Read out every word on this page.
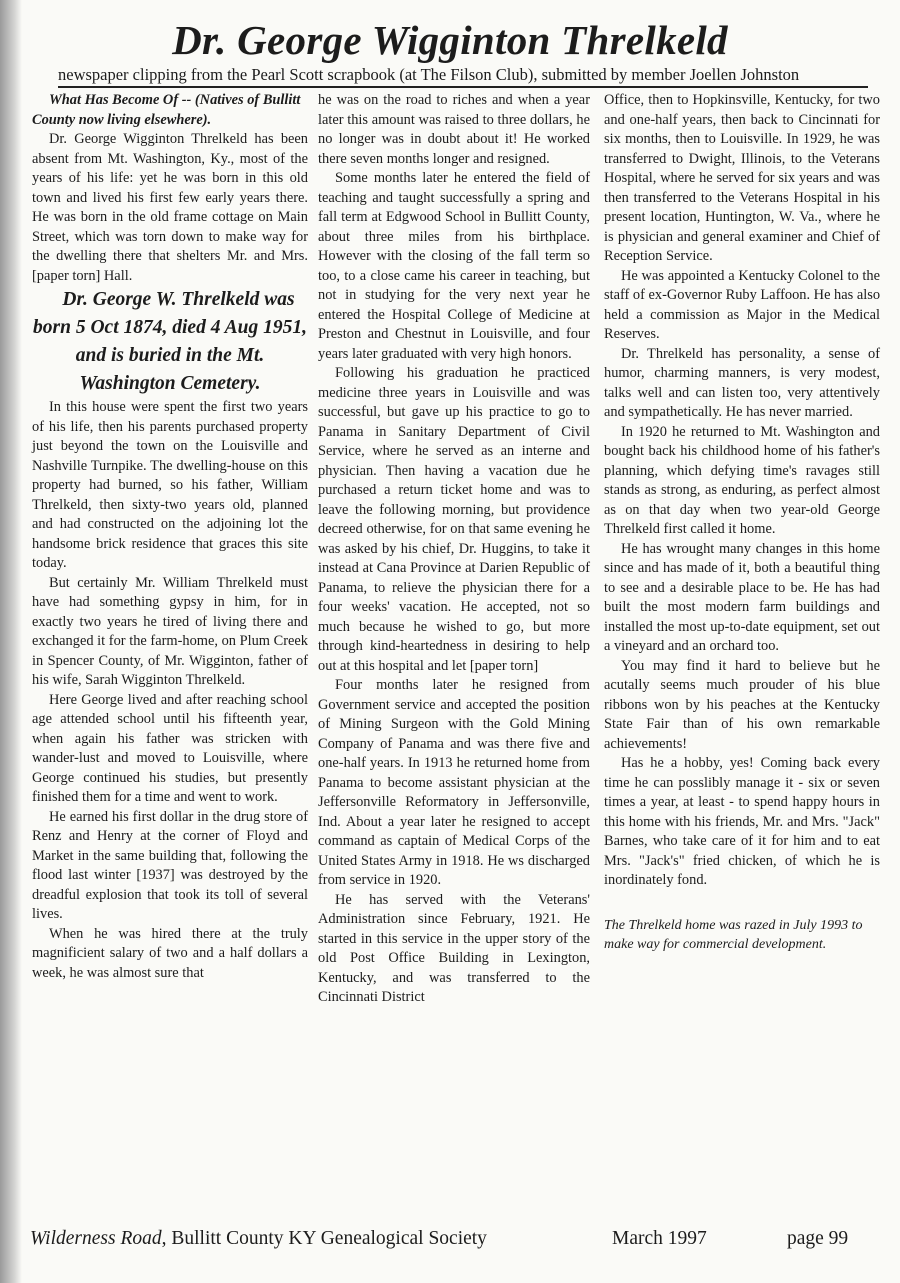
Dr. George Wigginton Threlkeld
newspaper clipping from the Pearl Scott scrapbook (at The Filson Club), submitted by member Joellen Johnston

What Has Become Of -- (Natives of Bullitt County now living elsewhere).

Dr. George Wigginton Threlkeld has been absent from Mt. Washington, Ky., most of the years of his life: yet he was born in this old town and lived his first few early years there. He was born in the old frame cottage on Main Street, which was torn down to make way for the dwelling there that shelters Mr. and Mrs. [paper torn] Hall.

Dr. George W. Threlkeld was born 5 Oct 1874, died 4 Aug 1951, and is buried in the Mt. Washington Cemetery.

In this house were spent the first two years of his life, then his parents purchased property just beyond the town on the Louisville and Nashville Turnpike. The dwelling-house on this property had burned, so his father, William Threlkeld, then sixty-two years old, planned and had constructed on the adjoining lot the handsome brick residence that graces this site today.

But certainly Mr. William Threlkeld must have had something gypsy in him, for in exactly two years he tired of living there and exchanged it for the farm-home, on Plum Creek in Spencer County, of Mr. Wigginton, father of his wife, Sarah Wigginton Threlkeld.

Here George lived and after reaching school age attended school until his fifteenth year, when again his father was stricken with wander-lust and moved to Louisville, where George continued his studies, but presently finished them for a time and went to work.

He earned his first dollar in the drug store of Renz and Henry at the corner of Floyd and Market in the same building that, following the flood last winter [1937] was destroyed by the dreadful explosion that took its toll of several lives.

When he was hired there at the truly magnificient salary of two and a half dollars a week, he was almost sure that

he was on the road to riches and when a year later this amount was raised to three dollars, he no longer was in doubt about it! He worked there seven months longer and resigned.

Some months later he entered the field of teaching and taught successfully a spring and fall term at Edgwood School in Bullitt County, about three miles from his birthplace. However with the closing of the fall term so too, to a close came his career in teaching, but not in studying for the very next year he entered the Hospital College of Medicine at Preston and Chestnut in Louisville, and four years later graduated with very high honors.

Following his graduation he practiced medicine three years in Louisville and was successful, but gave up his practice to go to Panama in Sanitary Department of Civil Service, where he served as an interne and physician. Then having a vacation due he purchased a return ticket home and was to leave the following morning, but providence decreed otherwise, for on that same evening he was asked by his chief, Dr. Huggins, to take it instead at Cana Province at Darien Republic of Panama, to relieve the physician there for a four weeks' vacation. He accepted, not so much because he wished to go, but more through kind-heartedness in desiring to help out at this hospital and let [paper torn]

Four months later he resigned from Government service and accepted the position of Mining Surgeon with the Gold Mining Company of Panama and was there five and one-half years. In 1913 he returned home from Panama to become assistant physician at the Jeffersonville Reformatory in Jeffersonville, Ind. About a year later he resigned to accept command as captain of Medical Corps of the United States Army in 1918. He ws discharged from service in 1920.

He has served with the Veterans' Administration since February, 1921. He started in this service in the upper story of the old Post Office Building in Lexington, Kentucky, and was transferred to the Cincinnati District

Office, then to Hopkinsville, Kentucky, for two and one-half years, then back to Cincinnati for six months, then to Louisville. In 1929, he was transferred to Dwight, Illinois, to the Veterans Hospital, where he served for six years and was then transferred to the Veterans Hospital in his present location, Huntington, W. Va., where he is physician and general examiner and Chief of Reception Service.

He was appointed a Kentucky Colonel to the staff of ex-Governor Ruby Laffoon. He has also held a commission as Major in the Medical Reserves.

Dr. Threlkeld has personality, a sense of humor, charming manners, is very modest, talks well and can listen too, very attentively and sympathetically. He has never married.

In 1920 he returned to Mt. Washington and bought back his childhood home of his father's planning, which defying time's ravages still stands as strong, as enduring, as perfect almost as on that day when two year-old George Threlkeld first called it home.

He has wrought many changes in this home since and has made of it, both a beautiful thing to see and a desirable place to be. He has had built the most modern farm buildings and installed the most up-to-date equipment, set out a vineyard and an orchard too.

You may find it hard to believe but he acutally seems much prouder of his blue ribbons won by his peaches at the Kentucky State Fair than of his own remarkable achievements!

Has he a hobby, yes! Coming back every time he can posslibly manage it - six or seven times a year, at least - to spend happy hours in this home with his friends, Mr. and Mrs. "Jack" Barnes, who take care of it for him and to eat Mrs. "Jack's" fried chicken, of which he is inordinately fond.

The Threlkeld home was razed in July 1993 to make way for commercial development.

Wilderness Road, Bullitt County KY Genealogical Society	March 1997	page 99
